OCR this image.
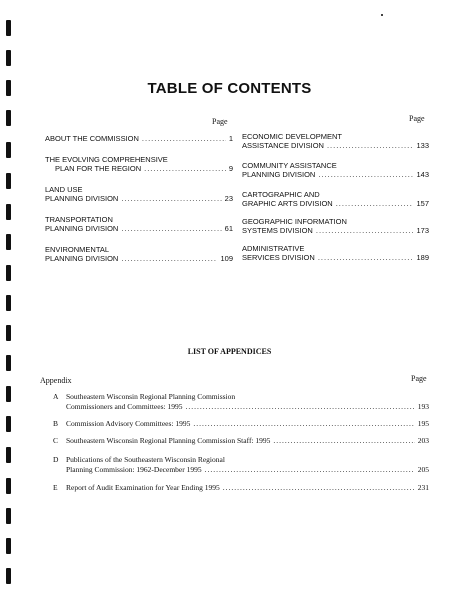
TABLE OF CONTENTS
Page	Page
ABOUT THE COMMISSION .....	1
THE EVOLVING COMPREHENSIVE
PLAN FOR THE REGION .....	9
LAND USE
PLANNING DIVISION .....	23
TRANSPORTATION
PLANNING DIVISION .....	61
ENVIRONMENTAL
PLANNING DIVISION .....	109
ECONOMIC DEVELOPMENT
ASSISTANCE DIVISION .....	133
COMMUNITY ASSISTANCE
PLANNING DIVISION .....	143
CARTOGRAPHIC AND
GRAPHIC ARTS DIVISION .....	157
GEOGRAPHIC INFORMATION
SYSTEMS DIVISION .....	173
ADMINISTRATIVE
SERVICES DIVISION .....	189
LIST OF APPENDICES
Appendix	Page
A Southeastern Wisconsin Regional Planning Commission
Commissioners and Committees: 1995 .....	193
B Commission Advisory Committees: 1995 .....	195
C Southeastern Wisconsin Regional Planning Commission Staff: 1995 .....	203
D Publications of the Southeastern Wisconsin Regional
Planning Commission: 1962-December 1995 .....	205
E Report of Audit Examination for Year Ending 1995 .....	231
